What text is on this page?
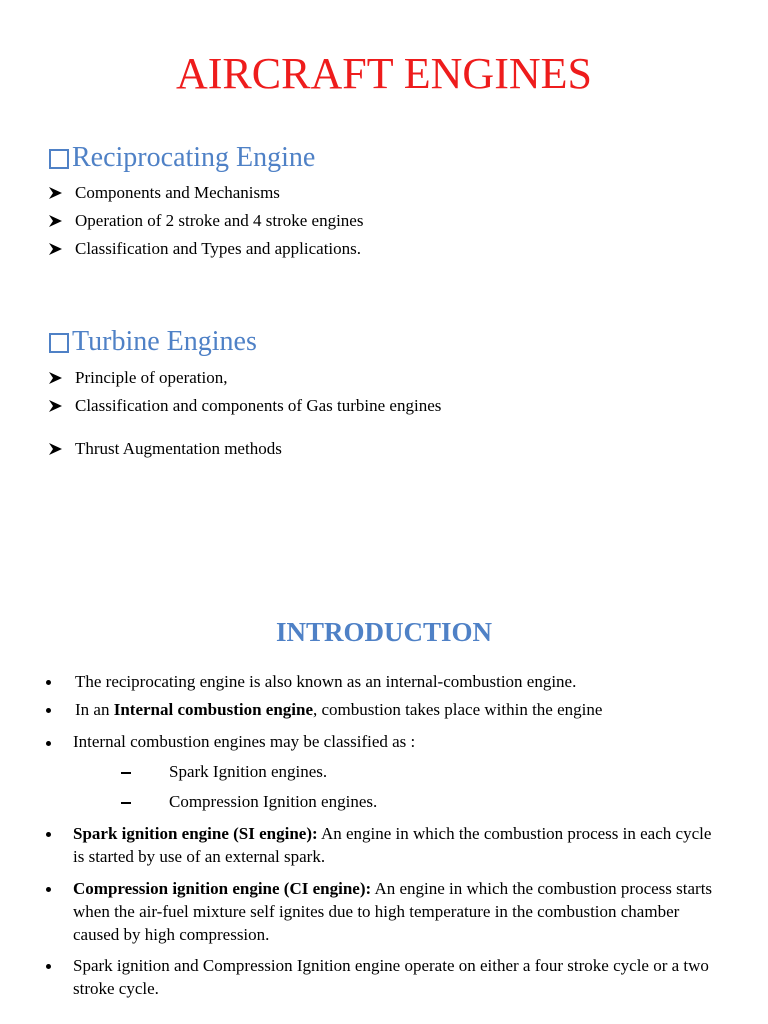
AIRCRAFT ENGINES
Reciprocating Engine
Components and Mechanisms
Operation of 2 stroke and 4 stroke engines
Classification and Types and applications.
Turbine Engines
Principle of operation,
Classification and components of Gas turbine engines
Thrust Augmentation methods
INTRODUCTION
The reciprocating engine is also known as an internal-combustion engine.
In an Internal combustion engine, combustion takes place within the engine
Internal combustion engines may be classified as :
Spark Ignition engines.
Compression Ignition engines.
Spark ignition engine (SI engine): An engine in which the combustion process in each cycle is started by use of an external spark.
Compression ignition engine (CI engine): An engine in which the combustion process starts when the air-fuel mixture self ignites due to high temperature in the combustion chamber caused by high compression.
Spark ignition and Compression Ignition engine operate on either a four stroke cycle or a two stroke cycle.
